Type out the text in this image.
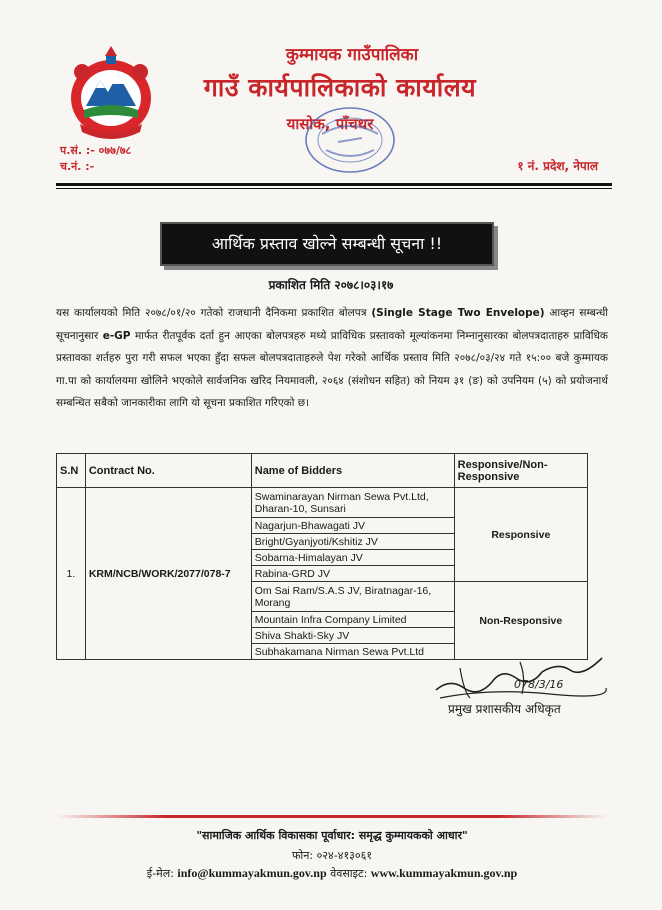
कुम्मायक गाउँपालिका
गाउँ कार्यपालिकाको कार्यालय
यासोक, पाँचथर
प.सं. :- ०७७/७८
च.नं. :-	१ नं. प्रदेश, नेपाल
आर्थिक प्रस्ताव खोल्ने सम्बन्धी सूचना !!
प्रकाशित मिति २०७८।०३।१७
यस कार्यालयको मिति २०७८/०१/२० गतेको राजधानी दैनिकमा प्रकाशित बोलपत्र (Single Stage Two Envelope) आव्हन सम्बन्धी सूचनानुसार e-GP मार्फत रीतपूर्वक दर्ता हुन आएका बोलपत्रहरु मध्ये प्राविधिक प्रस्तावको मूल्यांकनमा निम्नानुसारका बोलपत्रदाताहरु प्राविधिक प्रस्तावका शर्तहरु पुरा गरी सफल भएका हुँदा सफल बोलपत्रदाताहरुले पेश गरेको आर्थिक प्रस्ताव मिति २०७८/०३/२४ गते १५:०० बजे कुम्मायक गा.पा को कार्यालयमा खोलिने भएकोले सार्वजनिक खरिद नियमावली, २०६४ (संशोधन सहित) को नियम ३१ (ङ) को उपनियम (५) को प्रयोजनार्थ सम्बन्धित सबैको जानकारीका लागि यो सूचना प्रकाशित गरिएको छ।
S.N	Contract No.	Name of Bidders	Responsive/Non-Responsive
1.	KRM/NCB/WORK/2077/078-7	Swaminarayan Nirman Sewa Pvt.Ltd, Dharan-10, Sunsari	Responsive
		Nagarjun-Bhawagati JV	
		Bright/Gyanjyoti/Kshitiz JV	
		Sobarna-Himalayan JV	
		Rabina-GRD JV	
		Om Sai Ram/S.A.S JV, Biratnagar-16, Morang	Non-Responsive
		Mountain Infra Company Limited	
		Shiva Shakti-Sky JV	
		Subhakamana Nirman Sewa Pvt.Ltd	
078/3/16
प्रमुख प्रशासकीय अधिकृत
"सामाजिक आर्थिक विकासका पूर्वाधार: समृद्ध कुम्मायकको आधार"
फोन: ०२४-४१३०६१
ई-मेल: info@kummayakmun.gov.np वेवसाइट: www.kummayakmun.gov.np
